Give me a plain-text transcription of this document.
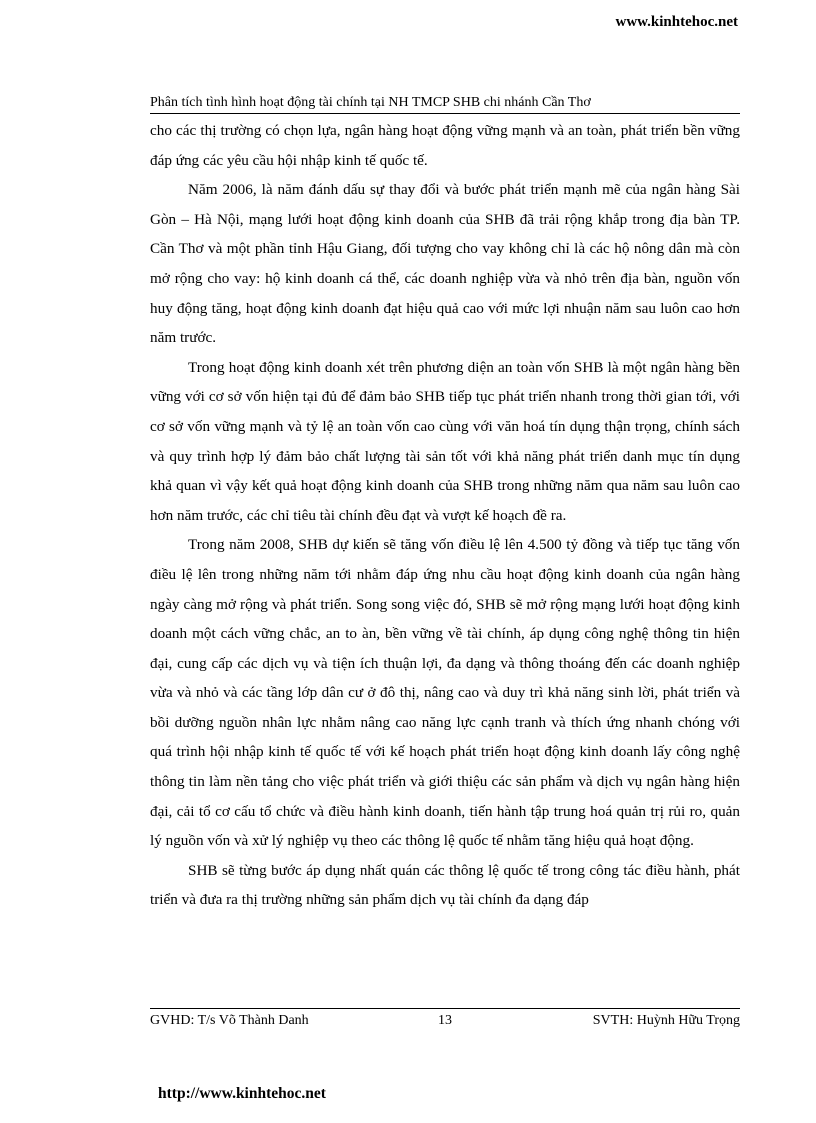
www.kinhtehoc.net
Phân tích tình hình hoạt động tài chính tại NH TMCP SHB chi nhánh Cần Thơ

cho các thị trường có chọn lựa, ngân hàng hoạt động vững mạnh và an toàn, phát triển bền vững đáp ứng các yêu cầu hội nhập kinh tế quốc tế.

Năm 2006, là năm đánh dấu sự thay đổi và bước phát triển mạnh mẽ của ngân hàng Sài Gòn – Hà Nội, mạng lưới hoạt động kinh doanh của SHB đã trải rộng khắp trong địa bàn TP. Cần Thơ và một phần tỉnh Hậu Giang, đối tượng cho vay không chỉ là các hộ nông dân mà còn mở rộng cho vay: hộ kinh doanh cá thể, các doanh nghiệp vừa và nhỏ trên địa bàn, nguồn vốn huy động tăng, hoạt động kinh doanh đạt hiệu quả cao với mức lợi nhuận năm sau luôn cao hơn năm trước.

Trong hoạt động kinh doanh xét trên phương diện an toàn vốn SHB là một ngân hàng bền vững với cơ sở vốn hiện tại đủ để đảm bảo SHB tiếp tục phát triển nhanh trong thời gian tới, với cơ sở vốn vững mạnh và tỷ lệ an toàn vốn cao cùng với văn hoá tín dụng thận trọng, chính sách và quy trình hợp lý đảm bảo chất lượng tài sản tốt với khả năng phát triển danh mục tín dụng khả quan vì vậy kết quả hoạt động kinh doanh của SHB trong những năm qua năm sau luôn cao hơn năm trước, các chỉ tiêu tài chính đều đạt và vượt kế hoạch đề ra.

Trong năm 2008, SHB dự kiến sẽ tăng vốn điều lệ lên 4.500 tỷ đồng và tiếp tục tăng vốn điều lệ lên trong những năm tới nhằm đáp ứng nhu cầu hoạt động kinh doanh của ngân hàng ngày càng mở rộng và phát triển. Song song việc đó, SHB sẽ mở rộng mạng lưới hoạt động kinh doanh một cách vững chắc, an to àn, bền vững về tài chính, áp dụng công nghệ thông tin hiện đại, cung cấp các dịch vụ và tiện ích thuận lợi, đa dạng và thông thoáng đến các doanh nghiệp vừa và nhỏ và các tầng lớp dân cư ở đô thị, nâng cao và duy trì khả năng sinh lời, phát triển và bồi dưỡng nguồn nhân lực nhằm nâng cao năng lực cạnh tranh và thích ứng nhanh chóng với quá trình hội nhập kinh tế quốc tế với kế hoạch phát triển hoạt động kinh doanh lấy công nghệ thông tin làm nền tảng cho việc phát triển và giới thiệu các sản phẩm và dịch vụ ngân hàng hiện đại, cải tổ cơ cấu tổ chức và điều hành kinh doanh, tiến hành tập trung hoá quản trị rủi ro, quản lý nguồn vốn và xử lý nghiệp vụ theo các thông lệ quốc tế nhằm tăng hiệu quả hoạt động.

SHB sẽ từng bước áp dụng nhất quán các thông lệ quốc tế trong công tác điều hành, phát triển và đưa ra thị trường những sản phẩm dịch vụ tài chính đa dạng đáp

GVHD: T/s Võ Thành Danh	13	SVTH: Huỳnh Hữu Trọng
http://www.kinhtehoc.net
